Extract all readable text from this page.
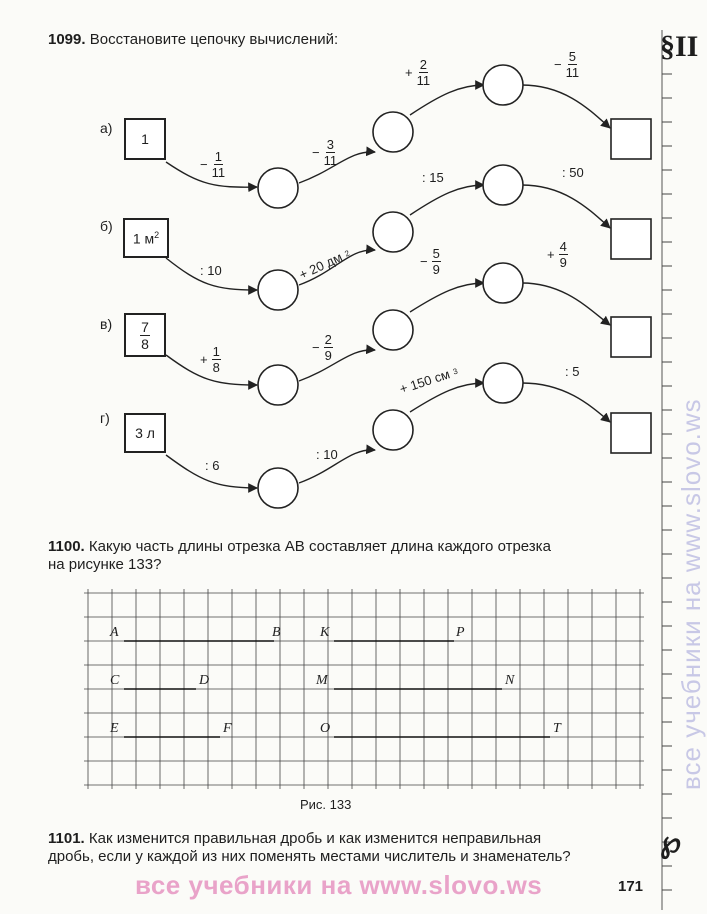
1099. Восстановите цепочку вычислений:
а)
б)
в)
г)
1
1 $м^2$
$\frac{7}{8}$
3 л
− $\frac{1}{11}$	− $\frac{3}{11}$
+ $\frac{2}{11}$	− $\frac{5}{11}$
: 10	+ 20 дм
2
: 15	: 50
+ $\frac{1}{8}$	− $\frac{2}{9}$
− $\frac{5}{9}$	+ $\frac{4}{9}$
: 6
: 10
+ 150 см 3	: 5
1100. Какую часть длины отрезка AB составляет длина каждого отрезка
на рисунке 133?
A	B	K	P
C	D	M	N
E	F	O	T
Рис. 133
1101. Как изменится правильная дробь и как изменится неправильная
дробь, если у каждой из них поменять местами числитель и знаменатель?
все учебники на www.slovo.ws	171
§ΙΙ
℘
все учебники на www.slovo.ws
